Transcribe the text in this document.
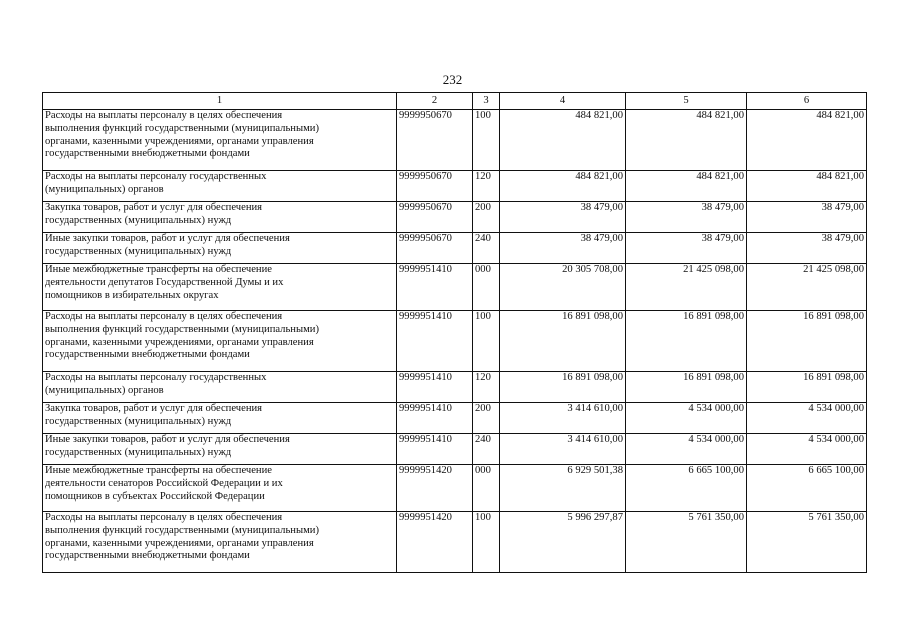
232
1	2	3	4	5	6

Расходы на выплаты персоналу в целях обеспечения
выполнения функций государственными (муниципальными)
органами, казенными учреждениями, органами управления
государственными внебюджетными фондами	9999950670	100	484 821,00	484 821,00	484 821,00

Расходы на выплаты персоналу государственных
(муниципальных) органов	9999950670	120	484 821,00	484 821,00	484 821,00

Закупка товаров, работ и услуг для обеспечения
государственных (муниципальных) нужд	9999950670	200	38 479,00	38 479,00	38 479,00

Иные закупки товаров, работ и услуг для обеспечения
государственных (муниципальных) нужд	9999950670	240	38 479,00	38 479,00	38 479,00

Иные межбюджетные трансферты на обеспечение
деятельности депутатов Государственной Думы и их
помощников в избирательных округах	9999951410	000	20 305 708,00	21 425 098,00	21 425 098,00

Расходы на выплаты персоналу в целях обеспечения
выполнения функций государственными (муниципальными)
органами, казенными учреждениями, органами управления
государственными внебюджетными фондами	9999951410	100	16 891 098,00	16 891 098,00	16 891 098,00

Расходы на выплаты персоналу государственных
(муниципальных) органов	9999951410	120	16 891 098,00	16 891 098,00	16 891 098,00

Закупка товаров, работ и услуг для обеспечения
государственных (муниципальных) нужд	9999951410	200	3 414 610,00	4 534 000,00	4 534 000,00

Иные закупки товаров, работ и услуг для обеспечения
государственных (муниципальных) нужд	9999951410	240	3 414 610,00	4 534 000,00	4 534 000,00

Иные межбюджетные трансферты на обеспечение
деятельности сенаторов Российской Федерации и их
помощников в субъектах Российской Федерации	9999951420	000	6 929 501,38	6 665 100,00	6 665 100,00

Расходы на выплаты персоналу в целях обеспечения
выполнения функций государственными (муниципальными)
органами, казенными учреждениями, органами управления
государственными внебюджетными фондами	9999951420	100	5 996 297,87	5 761 350,00	5 761 350,00
